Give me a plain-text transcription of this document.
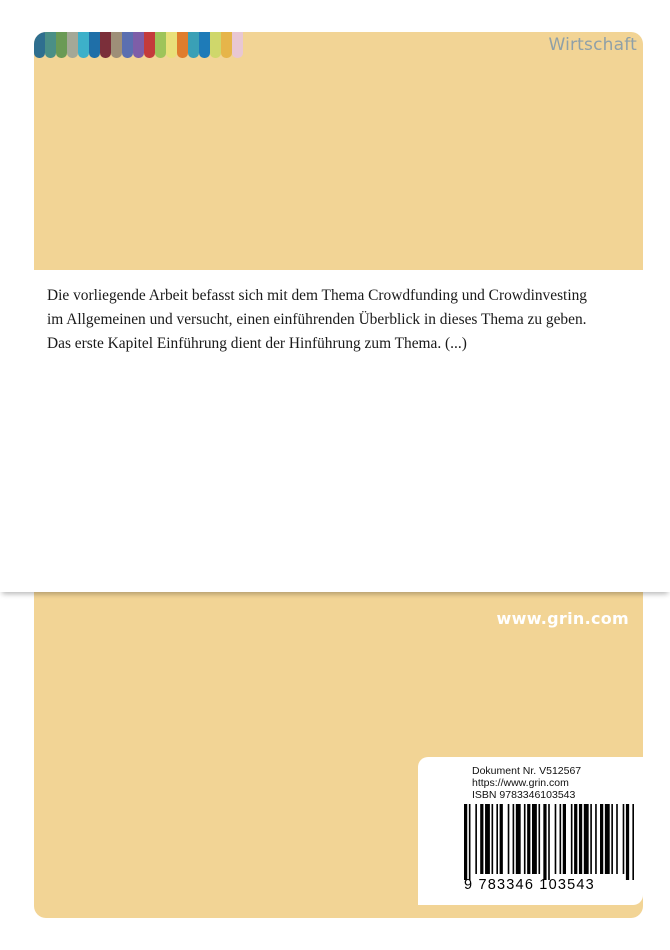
Wirtschaft

Die vorliegende Arbeit befasst sich mit dem Thema Crowdfunding und Crowdinvesting

im Allgemeinen und versucht, einen einführenden Überblick in dieses Thema zu geben.

Das erste Kapitel Einführung dient der Hinführung zum Thema. (...)

www.grin.com
Dokument Nr. V512567
https://www.grin.com
ISBN 9783346103543
9 783346 103543
